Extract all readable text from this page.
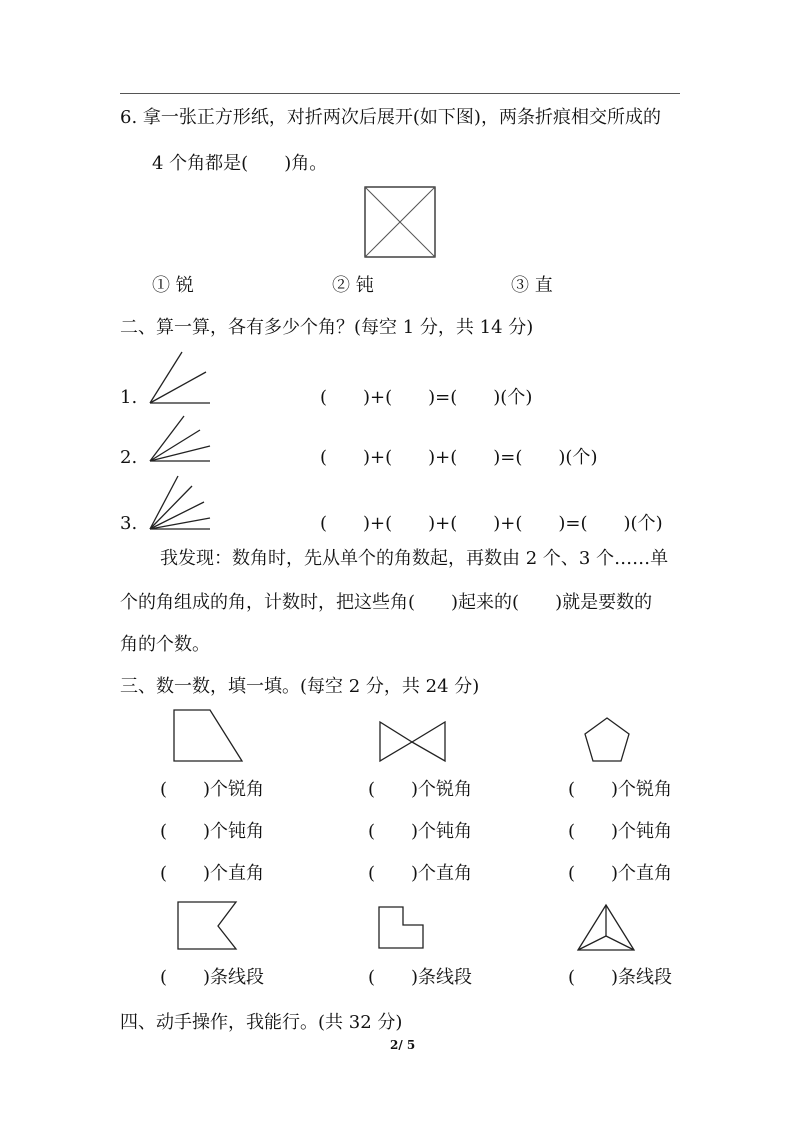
6. 拿一张正方形纸，对折两次后展开(如下图)，两条折痕相交所成的
4 个角都是(　　)角。
① 锐	② 钝	③ 直
二、算一算，各有多少个角？(每空 1 分，共 14 分)
1.	(　　)+(　　)=(　　)(个)
2.	(　　)+(　　)+(　　)=(　　)(个)
3.	(　　)+(　　)+(　　)+(　　)=(　　)(个)
我发现：数角时，先从单个的角数起，再数由 2 个、3 个……单
个的角组成的角，计数时，把这些角(　　)起来的(　　)就是要数的
角的个数。
三、数一数，填一填。(每空 2 分，共 24 分)
(　　)个锐角	(　　)个锐角	(　　)个锐角
(　　)个钝角	(　　)个钝角	(　　)个钝角
(　　)个直角	(　　)个直角	(　　)个直角
(　　)条线段	(　　)条线段	(　　)条线段
四、动手操作，我能行。(共 32 分)
2/ 5
